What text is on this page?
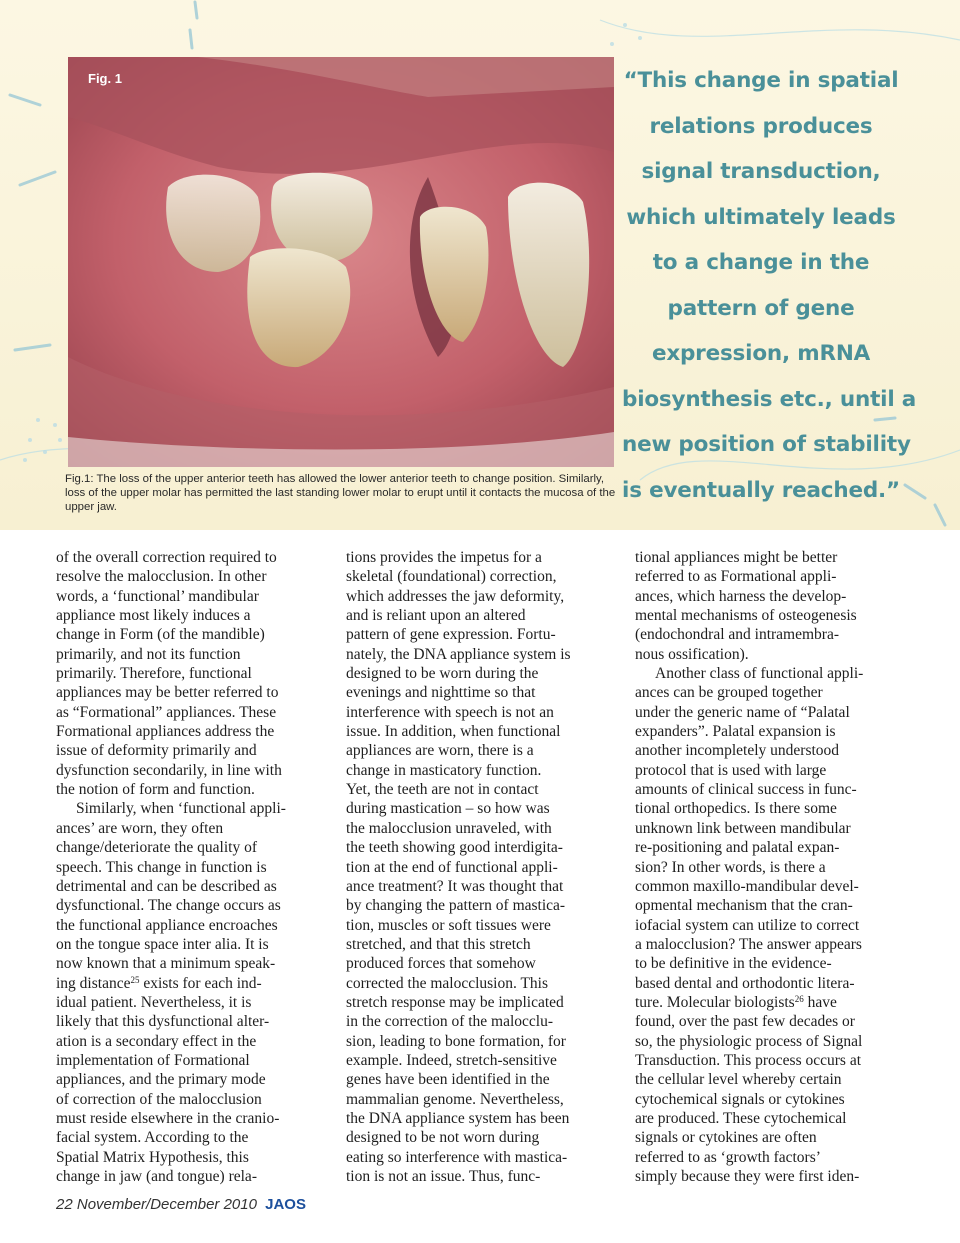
Fig. 1

Fig.1: The loss of the upper anterior teeth has allowed the lower anterior teeth to change position. Similarly, loss of the upper molar has permitted the last standing lower molar to erupt until it contacts the mucosa of the upper jaw.

“This change in spatial
relations produces
signal transduction,
which ultimately leads
to a change in the
pattern of gene
expression, mRNA
biosynthesis etc., until a
new position of stability
is eventually reached.”
of the overall correction required to
resolve the malocclusion. In other
words, a ‘functional’ mandibular
appliance most likely induces a
change in Form (of the mandible)
primarily, and not its function
primarily. Therefore, functional
appliances may be better referred to
as “Formational” appliances. These
Formational appliances address the
issue of deformity primarily and
dysfunction secondarily, in line with
the notion of form and function.
Similarly, when ‘functional appli-
ances’ are worn, they often
change/deteriorate the quality of
speech. This change in function is
detrimental and can be described as
dysfunctional. The change occurs as
the functional appliance encroaches
on the tongue space inter alia. It is
now known that a minimum speak-
ing distance$^{25}$ exists for each ind-
idual patient. Nevertheless, it is
likely that this dysfunctional alter-
ation is a secondary effect in the
implementation of Formational
appliances, and the primary mode
of correction of the malocclusion
must reside elsewhere in the cranio-
facial system. According to the
Spatial Matrix Hypothesis, this
change in jaw (and tongue) rela-
tions provides the impetus for a
skeletal (foundational) correction,
which addresses the jaw deformity,
and is reliant upon an altered
pattern of gene expression. Fortu-
nately, the DNA appliance system is
designed to be worn during the
evenings and nighttime so that
interference with speech is not an
issue. In addition, when functional
appliances are worn, there is a
change in masticatory function.
Yet, the teeth are not in contact
during mastication – so how was
the malocclusion unraveled, with
the teeth showing good interdigita-
tion at the end of functional appli-
ance treatment? It was thought that
by changing the pattern of mastica-
tion, muscles or soft tissues were
stretched, and that this stretch
produced forces that somehow
corrected the malocclusion. This
stretch response may be implicated
in the correction of the malocclu-
sion, leading to bone formation, for
example. Indeed, stretch-sensitive
genes have been identified in the
mammalian genome. Nevertheless,
the DNA appliance system has been
designed to be not worn during
eating so interference with mastica-
tion is not an issue. Thus, func-
tional appliances might be better
referred to as Formational appli-
ances, which harness the develop-
mental mechanisms of osteogenesis
(endochondral and intramembra-
nous ossification).
Another class of functional appli-
ances can be grouped together
under the generic name of “Palatal
expanders”. Palatal expansion is
another incompletely understood
protocol that is used with large
amounts of clinical success in func-
tional orthopedics. Is there some
unknown link between mandibular
re-positioning and palatal expan-
sion? In other words, is there a
common maxillo-mandibular devel-
opmental mechanism that the cran-
iofacial system can utilize to correct
a malocclusion? The answer appears
to be definitive in the evidence-
based dental and orthodontic litera-
ture. Molecular biologists$^{26}$ have
found, over the past few decades or
so, the physiologic process of Signal
Transduction. This process occurs at
the cellular level whereby certain
cytochemical signals or cytokines
are produced. These cytochemical
signals or cytokines are often
referred to as ‘growth factors’
simply because they were first iden-
22 November/December 2010 JAOS
